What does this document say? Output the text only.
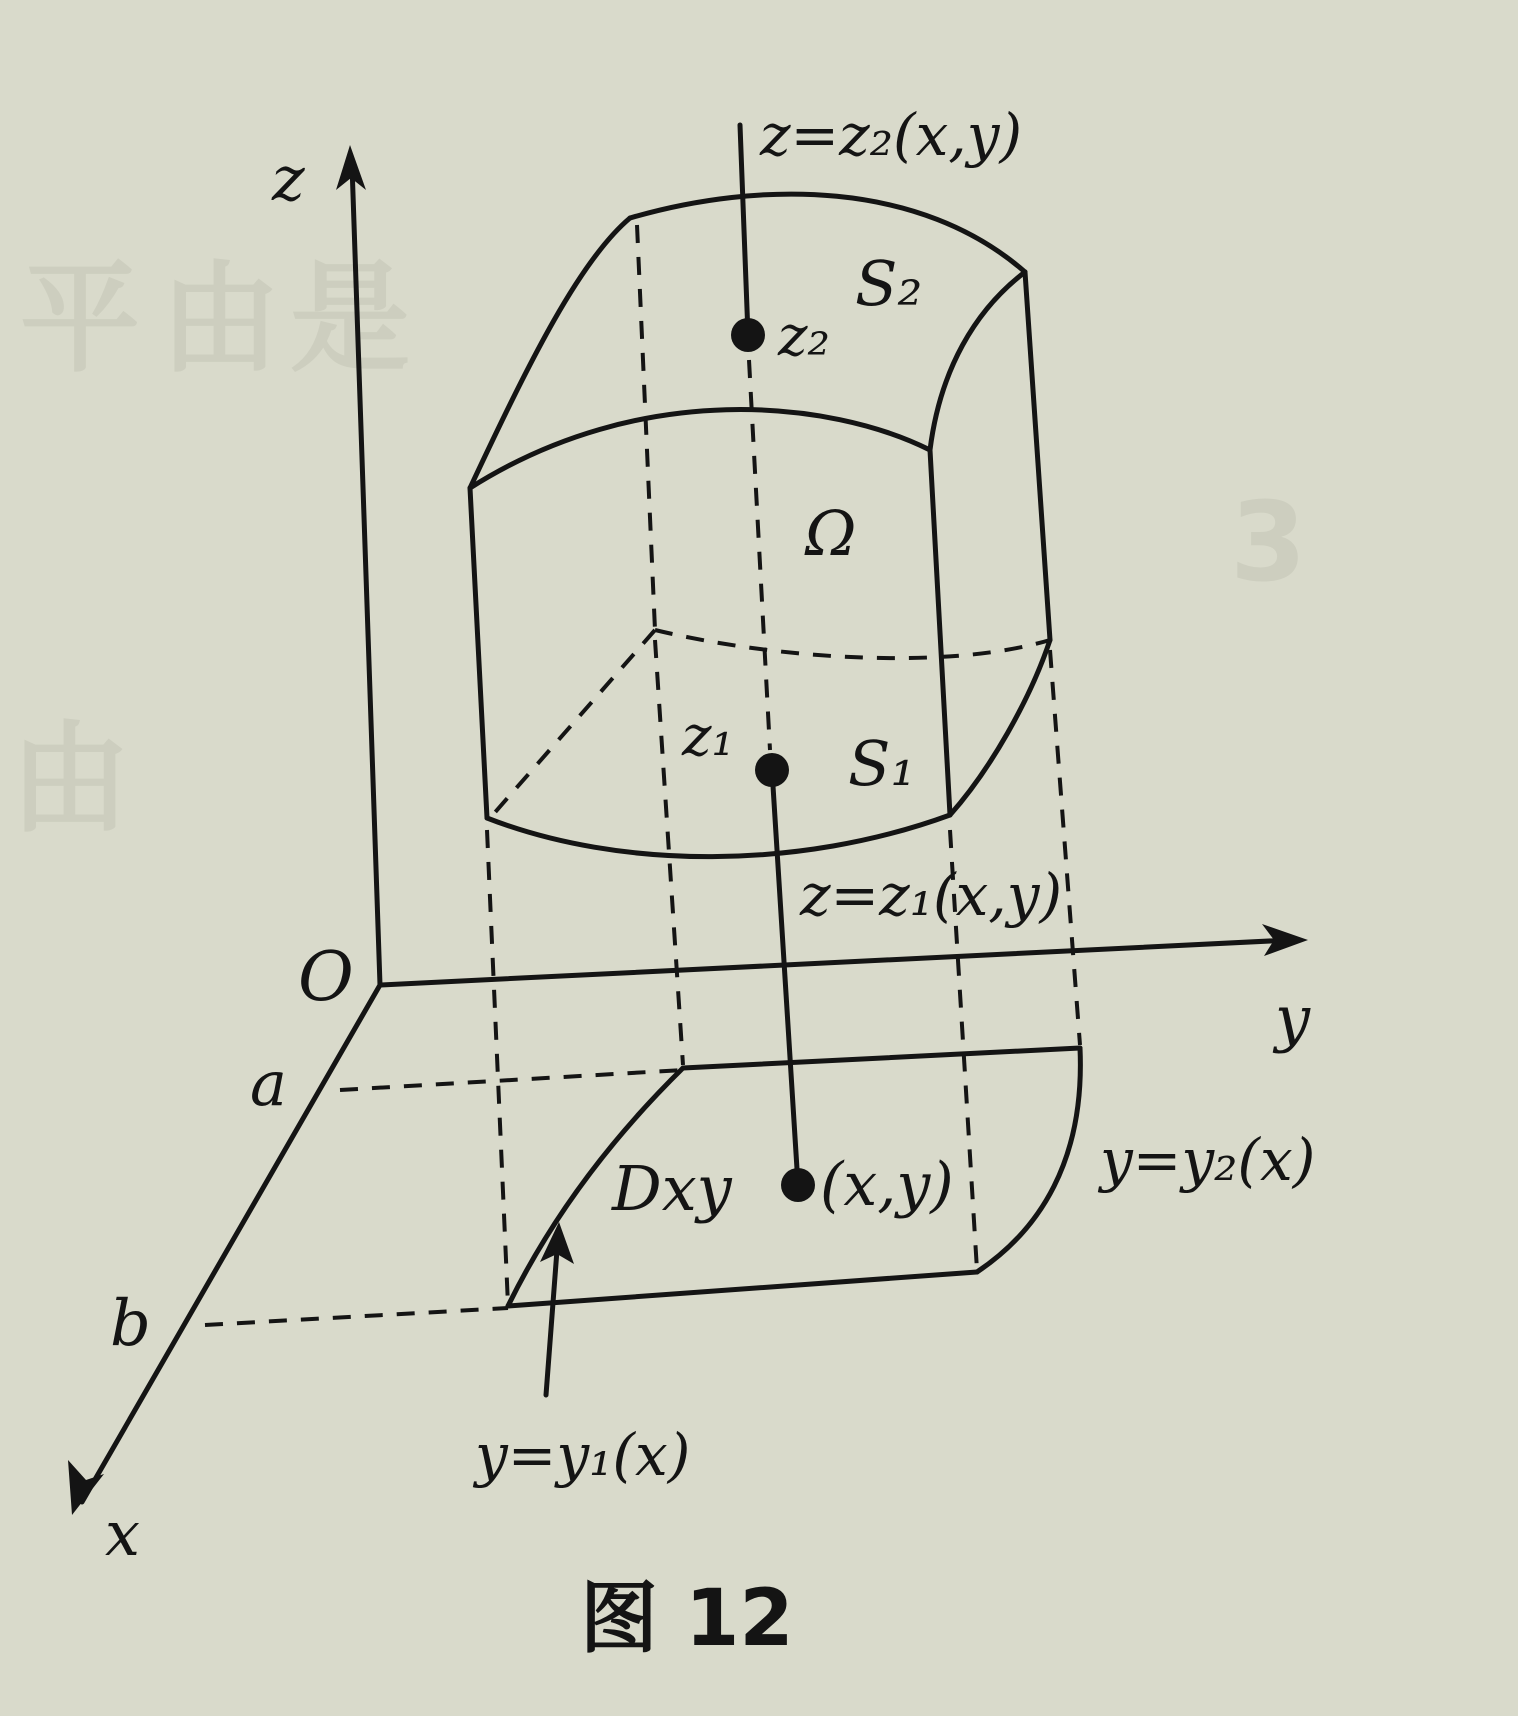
平 由 是
3
由
z
y
x
O
a
b
z=z₂(x,y)
z₂
S₂
Ω
z₁ S₁
z=z₁(x,y)
Dxy (x,y)	y=y₂(x)
y=y₁(x)
图 12
